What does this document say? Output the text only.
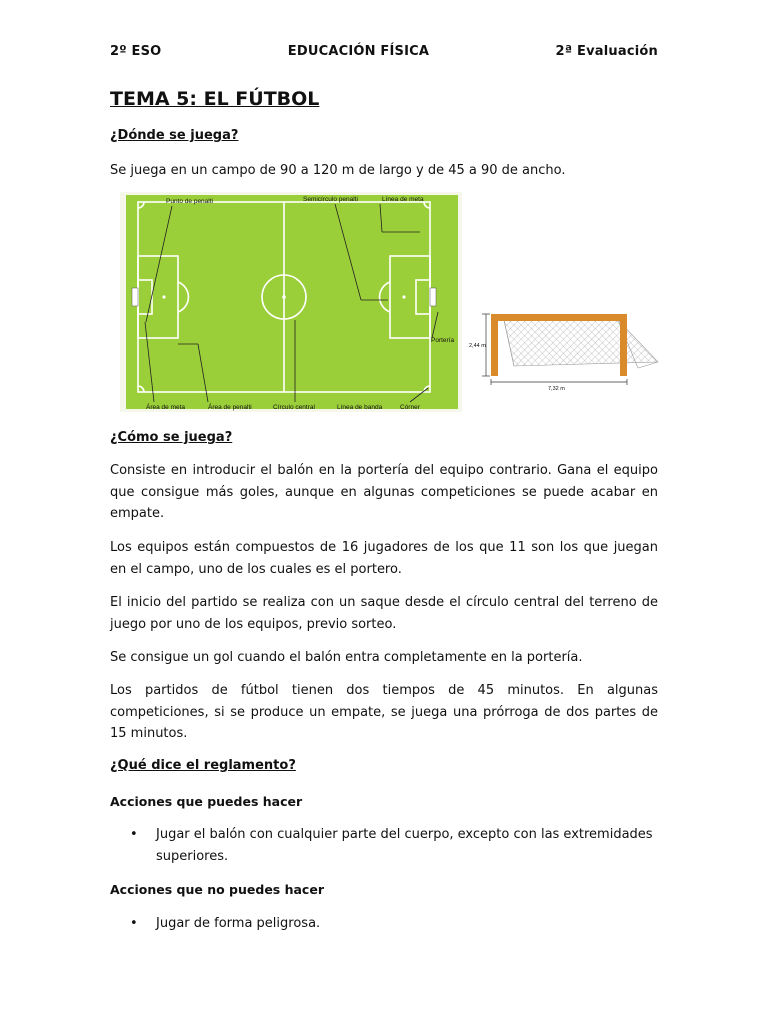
2º ESO	EDUCACIÓN FÍSICA	2ª Evaluación
TEMA 5: EL FÚTBOL
¿Dónde se juega?

Se juega en un campo de 90 a 120 m de largo y de 45 a 90 de ancho.

Punto de penalti	Semicírculo penalti	Línea de meta
Portería
Área de meta	Área de penalti	Círculo central	Línea de banda	Córner
2,44 m
7,32 m
¿Cómo se juega?

Consiste en introducir el balón en la portería del equipo contrario. Gana el equipo que consigue más goles, aunque en algunas competiciones se puede acabar en empate.

Los equipos están compuestos de 16 jugadores de los que 11 son los que juegan en el campo, uno de los cuales es el portero.

El inicio del partido se realiza con un saque desde el círculo central del terreno de juego por uno de los equipos, previo sorteo.

Se consigue un gol cuando el balón entra completamente en la portería.

Los partidos de fútbol tienen dos tiempos de 45 minutos. En algunas competiciones, si se produce un empate, se juega una prórroga de dos partes de 15 minutos.

¿Qué dice el reglamento?
Acciones que puedes hacer
•	Jugar el balón con cualquier parte del cuerpo, excepto con las extremidades superiores.
Acciones que no puedes hacer
•	Jugar de forma peligrosa.
